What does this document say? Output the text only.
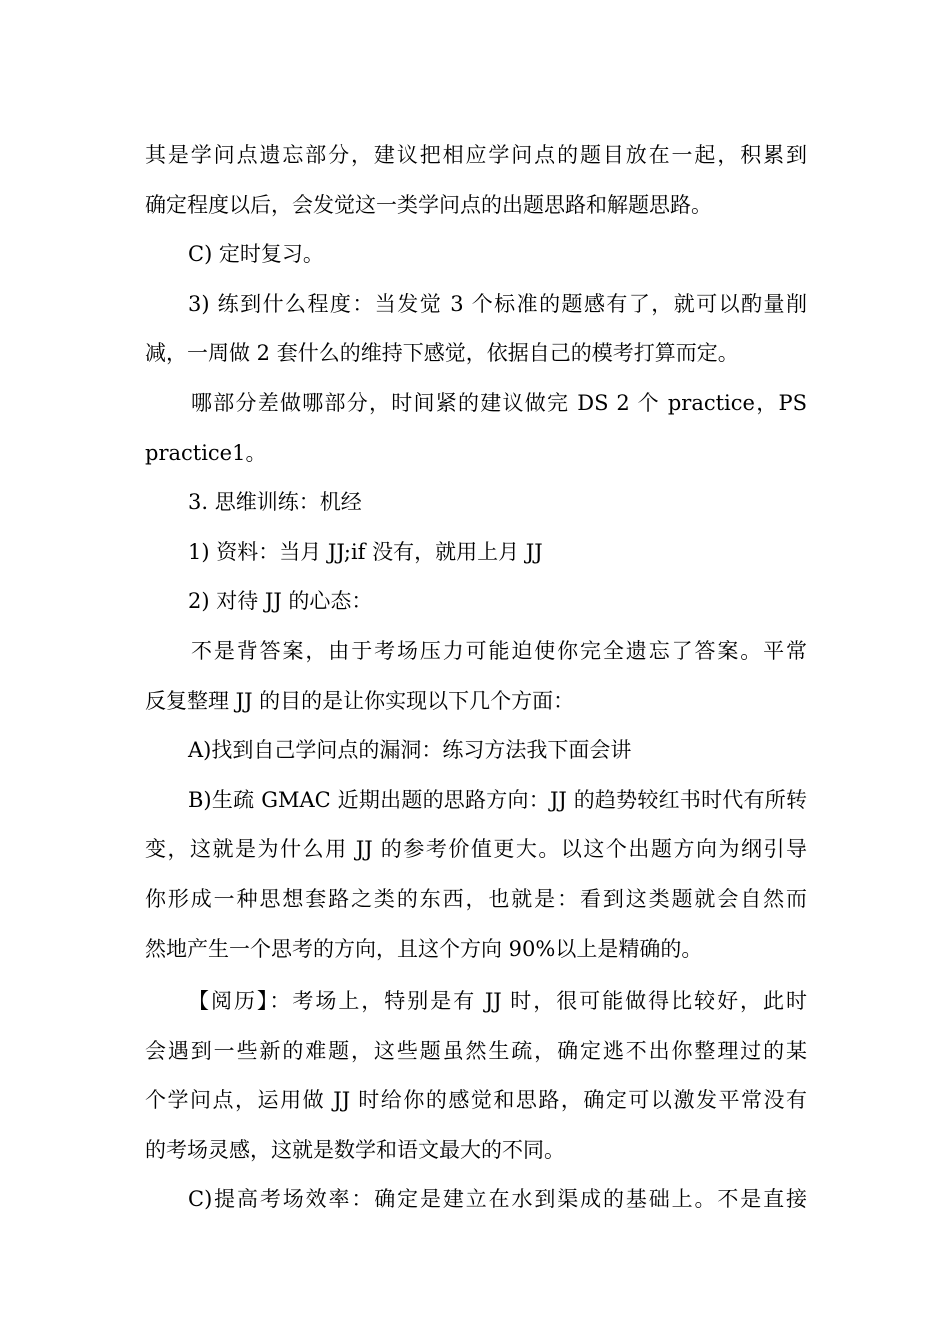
其是学问点遗忘部分，建议把相应学问点的题目放在一起，积累到
确定程度以后，会发觉这一类学问点的出题思路和解题思路。
C) 定时复习。
3) 练到什么程度：当发觉 3 个标准的题感有了，就可以酌量削
减，一周做 2 套什么的维持下感觉，依据自己的模考打算而定。
哪部分差做哪部分，时间紧的建议做完 DS 2 个 practice，PS
practice1。
3. 思维训练：机经
1) 资料：当月 JJ;if 没有，就用上月 JJ
2) 对待 JJ 的心态：
不是背答案，由于考场压力可能迫使你完全遗忘了答案。平常
反复整理 JJ 的目的是让你实现以下几个方面：
A)找到自己学问点的漏洞：练习方法我下面会讲
B)生疏 GMAC 近期出题的思路方向：JJ 的趋势较红书时代有所转
变，这就是为什么用 JJ 的参考价值更大。以这个出题方向为纲引导
你形成一种思想套路之类的东西，也就是：看到这类题就会自然而
然地产生一个思考的方向，且这个方向 90%以上是精确的。
【阅历】：考场上，特别是有 JJ 时，很可能做得比较好，此时
会遇到一些新的难题，这些题虽然生疏，确定逃不出你整理过的某
个学问点，运用做 JJ 时给你的感觉和思路，确定可以激发平常没有
的考场灵感，这就是数学和语文最大的不同。
C)提高考场效率：确定是建立在水到渠成的基础上。不是直接
